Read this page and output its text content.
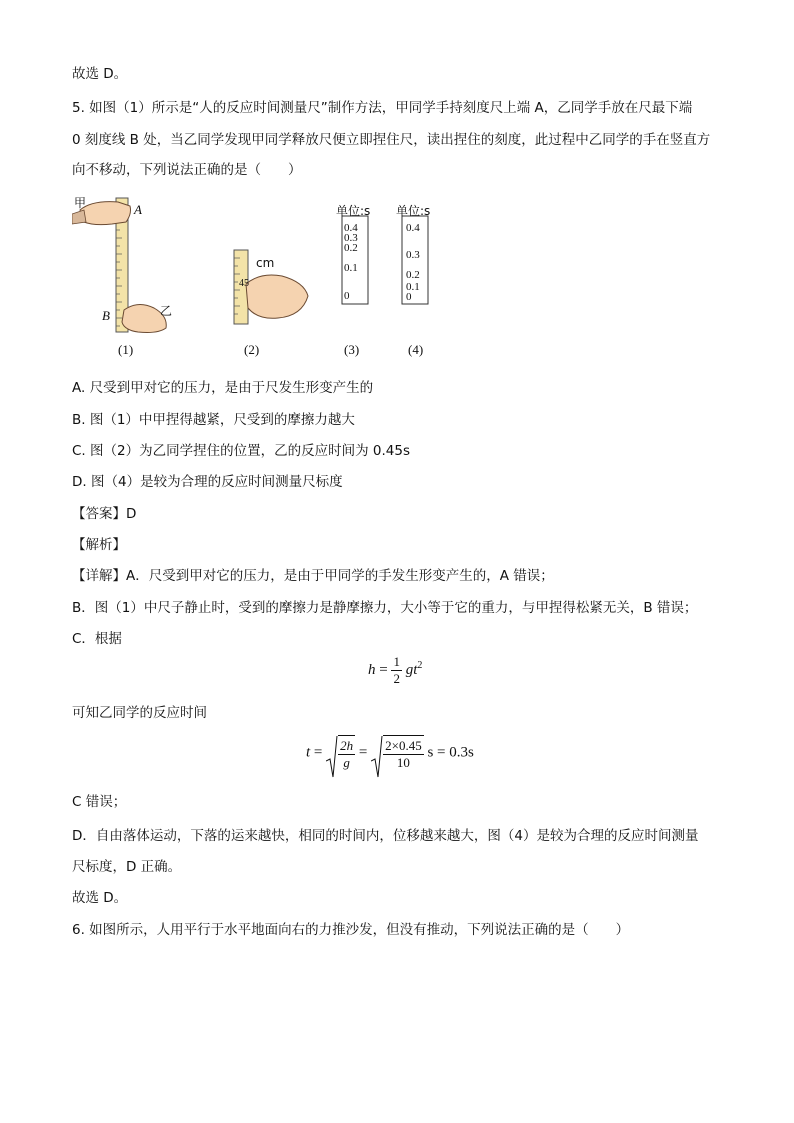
故选 D。
5. 如图（1）所示是“人的反应时间测量尺”制作方法，甲同学手持刻度尺上端 A，乙同学手放在尺最下端
0 刻度线 B 处，当乙同学发现甲同学释放尺便立即捏住尺，读出捏住的刻度，此过程中乙同学的手在竖直方
向不移动，下列说法正确的是（　　）
甲	A
B	乙
cm
45
单位:s
0.4
0.3
0.2
0.1
0
单位:s
0.4
0.3
0.2
0.1
0
(1)	(2)	(3)	(4)
A. 尺受到甲对它的压力，是由于尺发生形变产生的
B. 图（1）中甲捏得越紧，尺受到的摩擦力越大
C. 图（2）为乙同学捏住的位置，乙的反应时间为 0.45s
D. 图（4）是较为合理的反应时间测量尺标度
【答案】D
【解析】
【详解】A．尺受到甲对它的压力，是由于甲同学的手发生形变产生的，A 错误；
B．图（1）中尺子静止时，受到的摩擦力是静摩擦力，大小等于它的重力，与甲捏得松紧无关，B 错误；
C．根据
$h = \frac{1}{2} gt^2$
可知乙同学的反应时间
$t = \frac{2h}{g} = \frac{2\times 0.45}{10}$ s = 0.3s
C 错误；
D．自由落体运动，下落的运来越快，相同的时间内，位移越来越大，图（4）是较为合理的反应时间测量
尺标度，D 正确。
故选 D。
6. 如图所示，人用平行于水平地面向右的力推沙发，但没有推动，下列说法正确的是（　　）
